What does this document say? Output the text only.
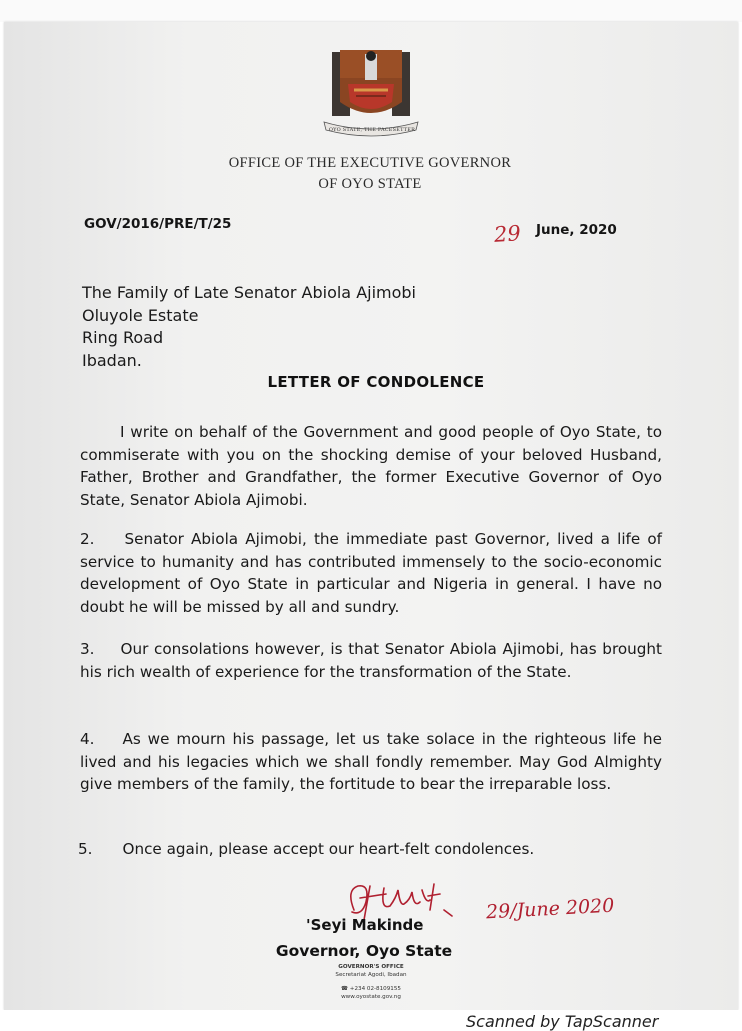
OYO STATE, THE PACESETTER
OFFICE OF THE EXECUTIVE GOVERNOR
OF OYO STATE
GOV/2016/PRE/T/25	29 June, 2020
The Family of Late Senator Abiola Ajimobi
Oluyole Estate
Ring Road
Ibadan.
LETTER OF CONDOLENCE
I write on behalf of the Government and good people of Oyo State, to commiserate with you on the shocking demise of your beloved Husband, Father, Brother and Grandfather, the former Executive Governor of Oyo State, Senator Abiola Ajimobi.
2. Senator Abiola Ajimobi, the immediate past Governor, lived a life of service to humanity and has contributed immensely to the socio-economic development of Oyo State in particular and Nigeria in general. I have no doubt he will be missed by all and sundry.
3. Our consolations however, is that Senator Abiola Ajimobi, has brought his rich wealth of experience for the transformation of the State.
4. As we mourn his passage, let us take solace in the righteous life he lived and his legacies which we shall fondly remember. May God Almighty give members of the family, the fortitude to bear the irreparable loss.
5. Once again, please accept our heart-felt condolences.
29/June 2020
'Seyi Makinde
Governor, Oyo State
GOVERNOR'S OFFICE
Secretariat Agodi, Ibadan
☎ +234 02-8109155
www.oyostate.gov.ng
Scanned by TapScanner
